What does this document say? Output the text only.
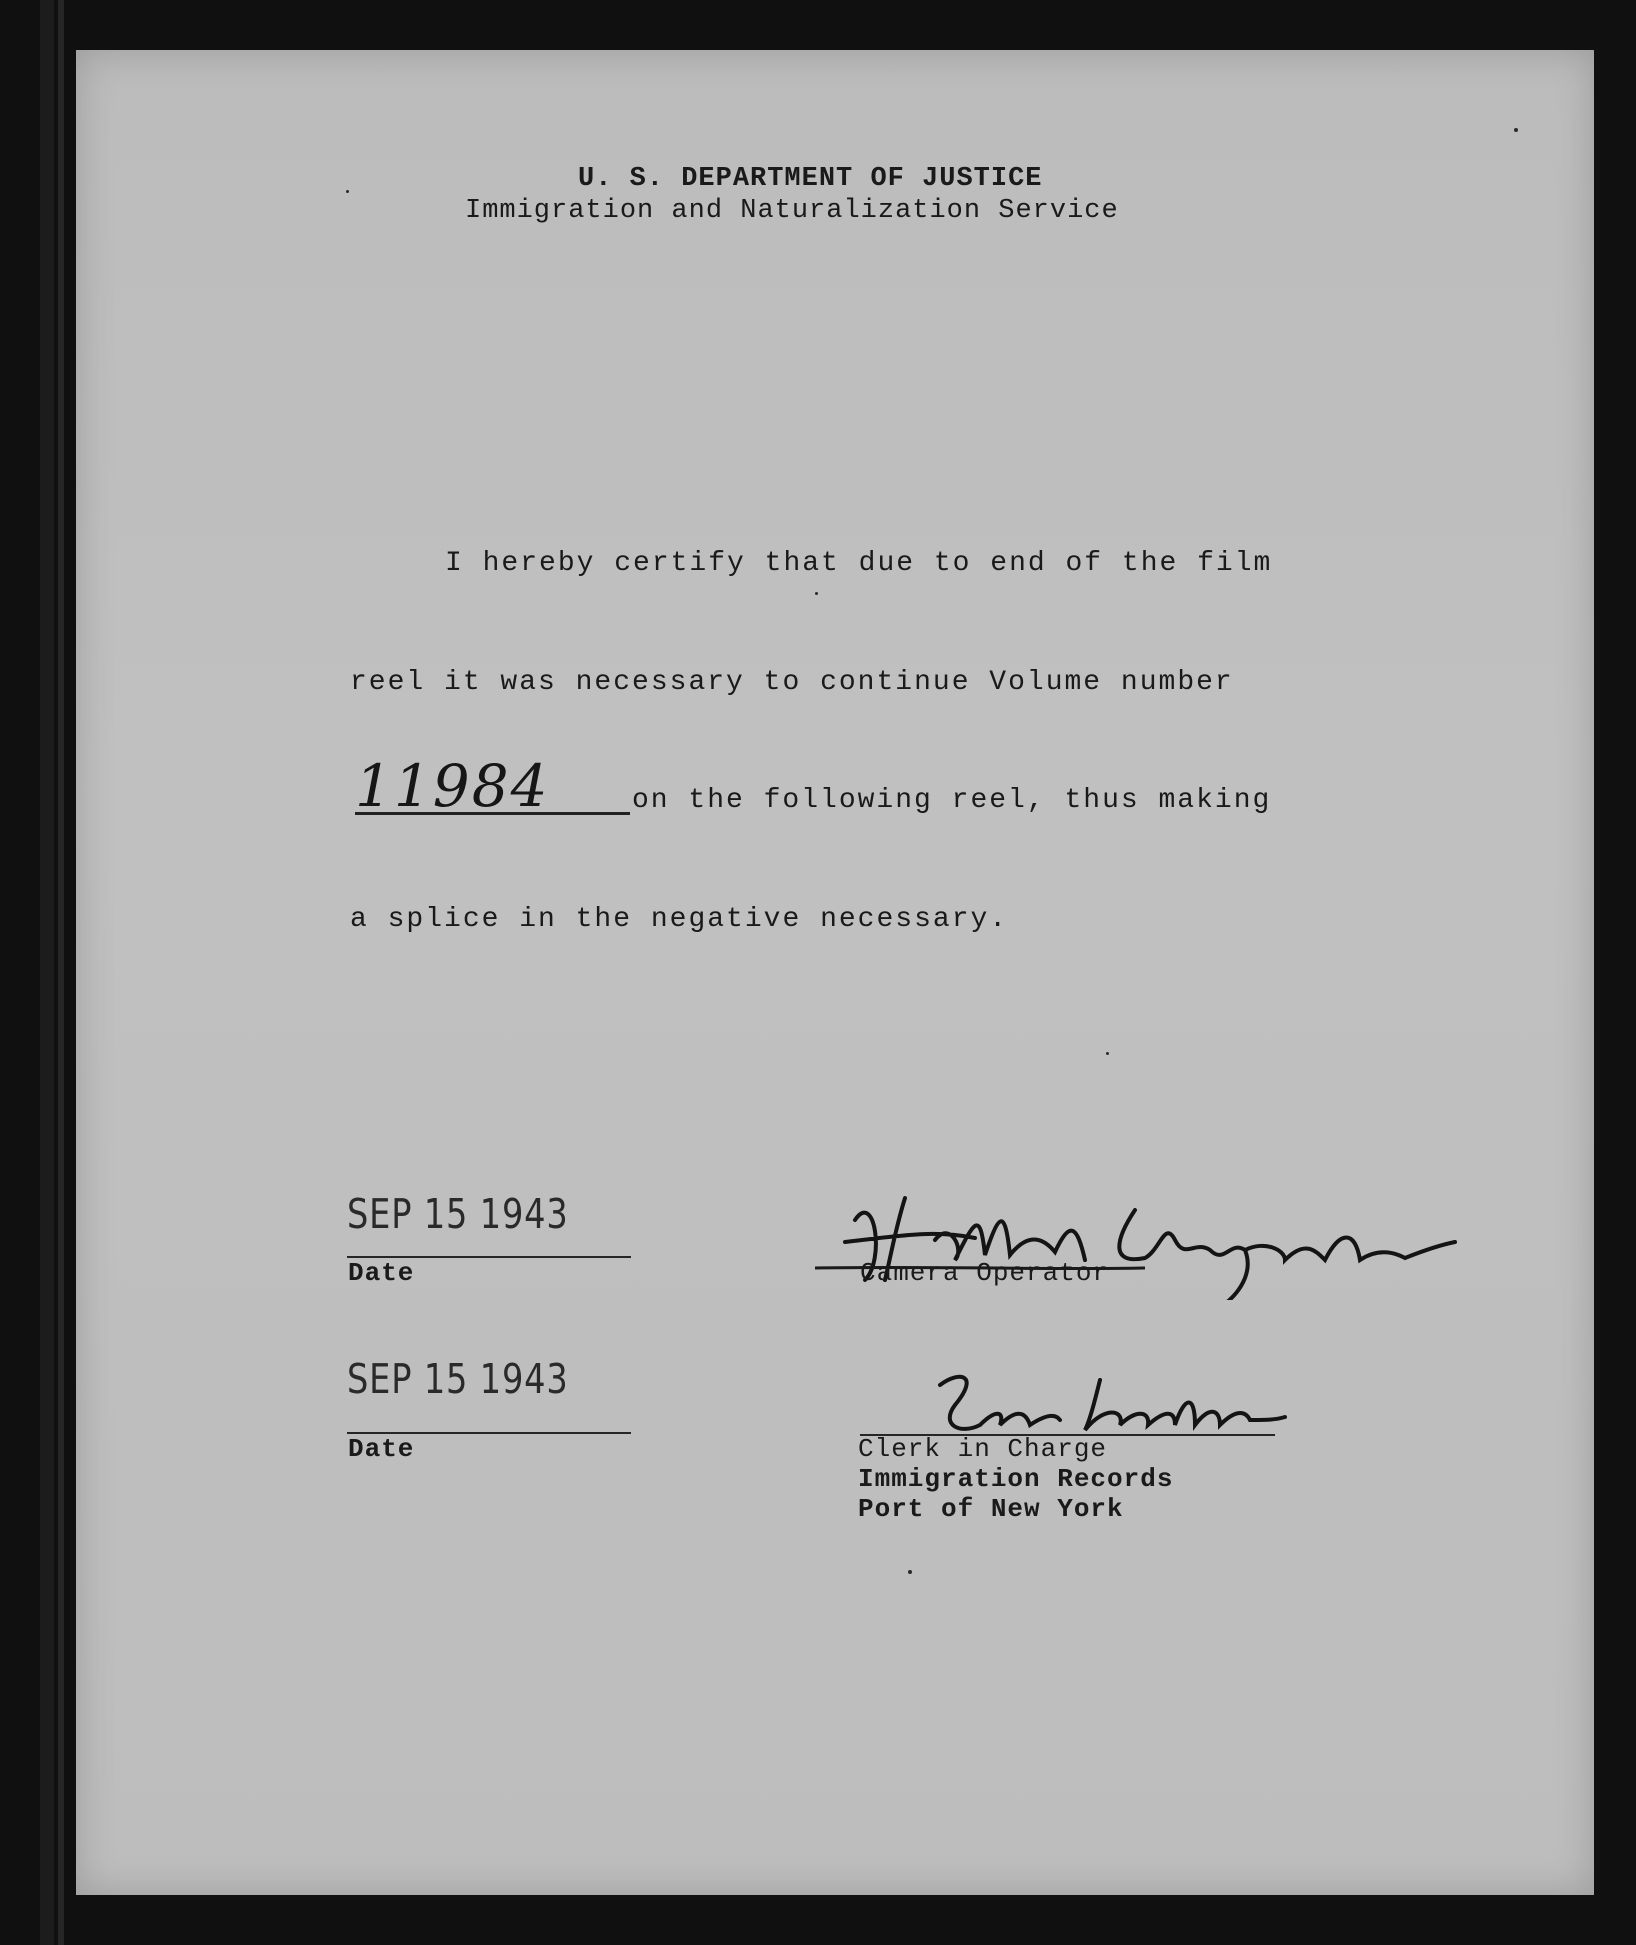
U. S. DEPARTMENT OF JUSTICE
Immigration and Naturalization Service
I hereby certify that due to end of the film
reel it was necessary to continue Volume number
11984	on the following reel, thus making
a splice in the negative necessary.
SEP 15 1943
Date	Camera Operator
SEP 15 1943
Date	Clerk in Charge
Immigration Records
Port of New York
